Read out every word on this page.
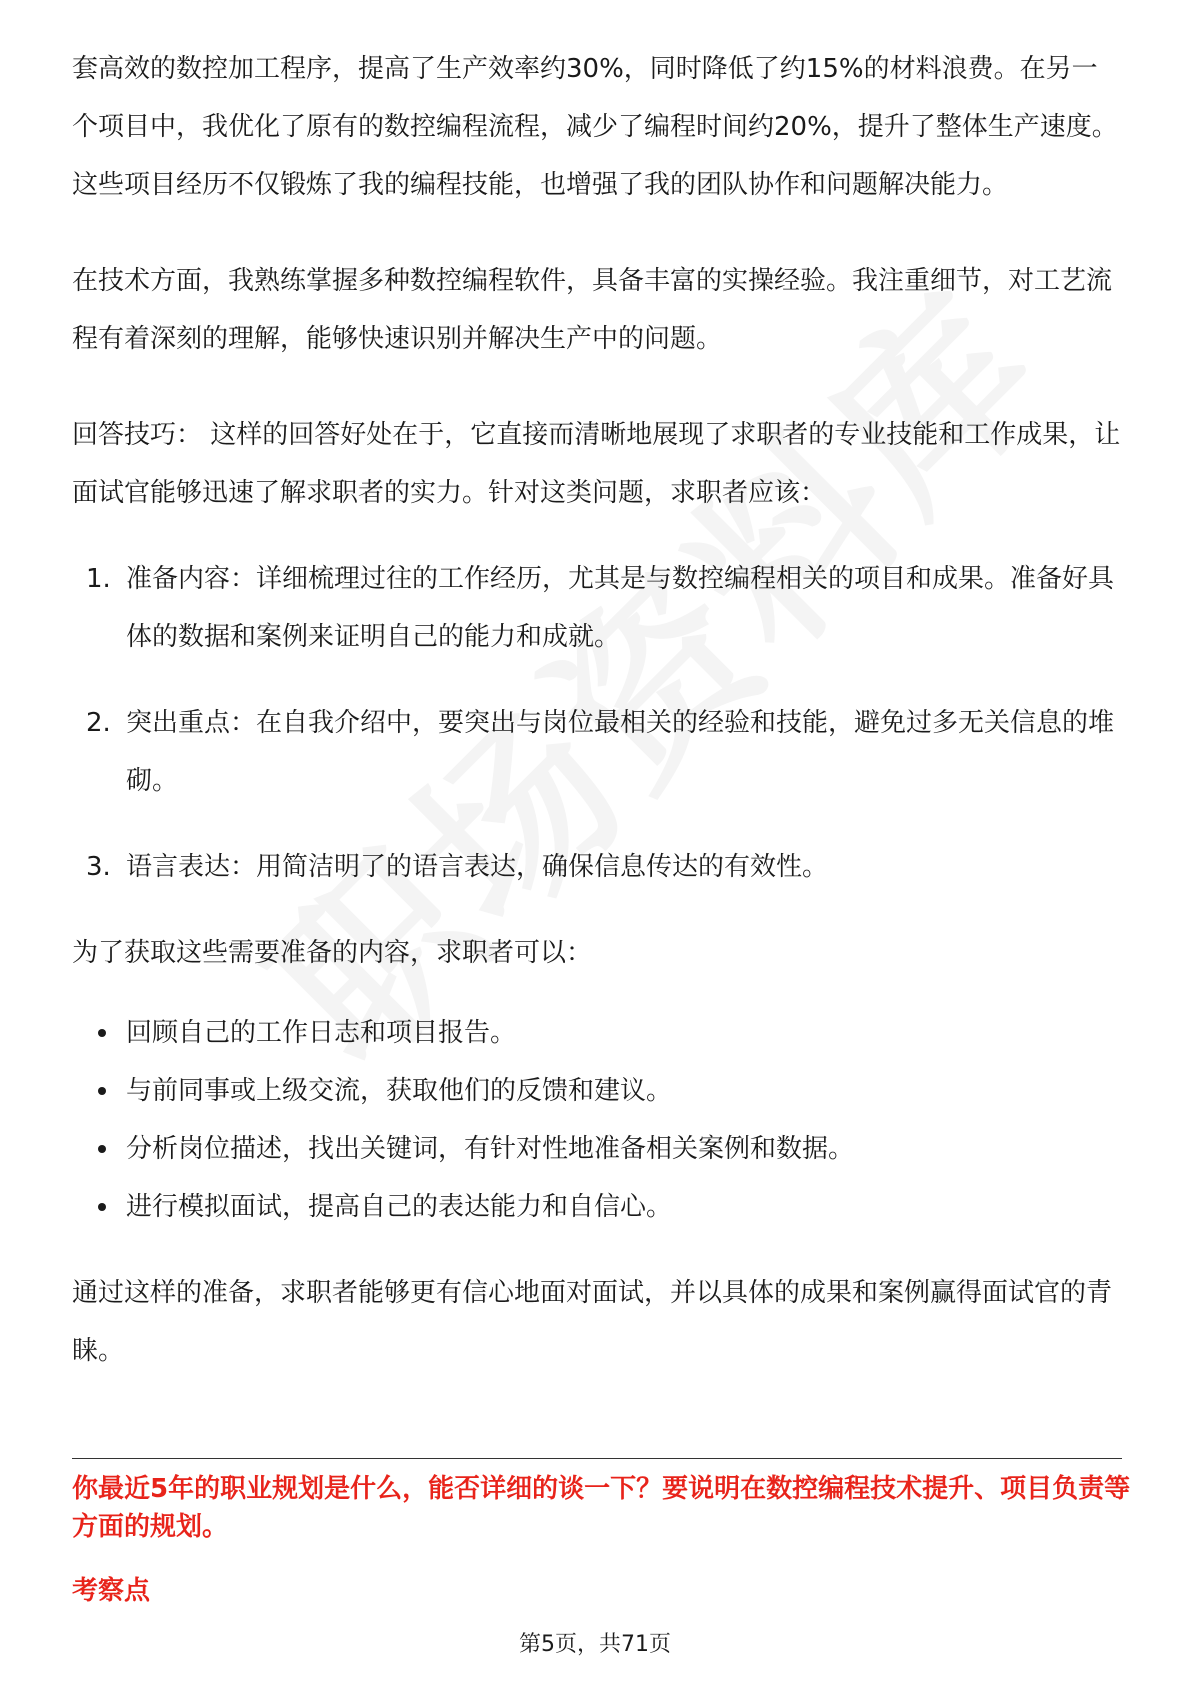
套高效的数控加工程序，提高了生产效率约30%，同时降低了约15%的材料浪费。在另一个项目中，我优化了原有的数控编程流程，减少了编程时间约20%，提升了整体生产速度。这些项目经历不仅锻炼了我的编程技能，也增强了我的团队协作和问题解决能力。

在技术方面，我熟练掌握多种数控编程软件，具备丰富的实操经验。我注重细节，对工艺流程有着深刻的理解，能够快速识别并解决生产中的问题。

回答技巧： 这样的回答好处在于，它直接而清晰地展现了求职者的专业技能和工作成果，让面试官能够迅速了解求职者的实力。针对这类问题，求职者应该：

1. 准备内容：详细梳理过往的工作经历，尤其是与数控编程相关的项目和成果。准备好具体的数据和案例来证明自己的能力和成就。
2. 突出重点：在自我介绍中，要突出与岗位最相关的经验和技能，避免过多无关信息的堆砌。
3. 语言表达：用简洁明了的语言表达，确保信息传达的有效性。

为了获取这些需要准备的内容，求职者可以：

回顾自己的工作日志和项目报告。
与前同事或上级交流，获取他们的反馈和建议。
分析岗位描述，找出关键词，有针对性地准备相关案例和数据。
进行模拟面试，提高自己的表达能力和自信心。

通过这样的准备，求职者能够更有信心地面对面试，并以具体的成果和案例赢得面试官的青睐。

你最近5年的职业规划是什么，能否详细的谈一下？要说明在数控编程技术提升、项目负责等方面的规划。

考察点

第5页，共71页
